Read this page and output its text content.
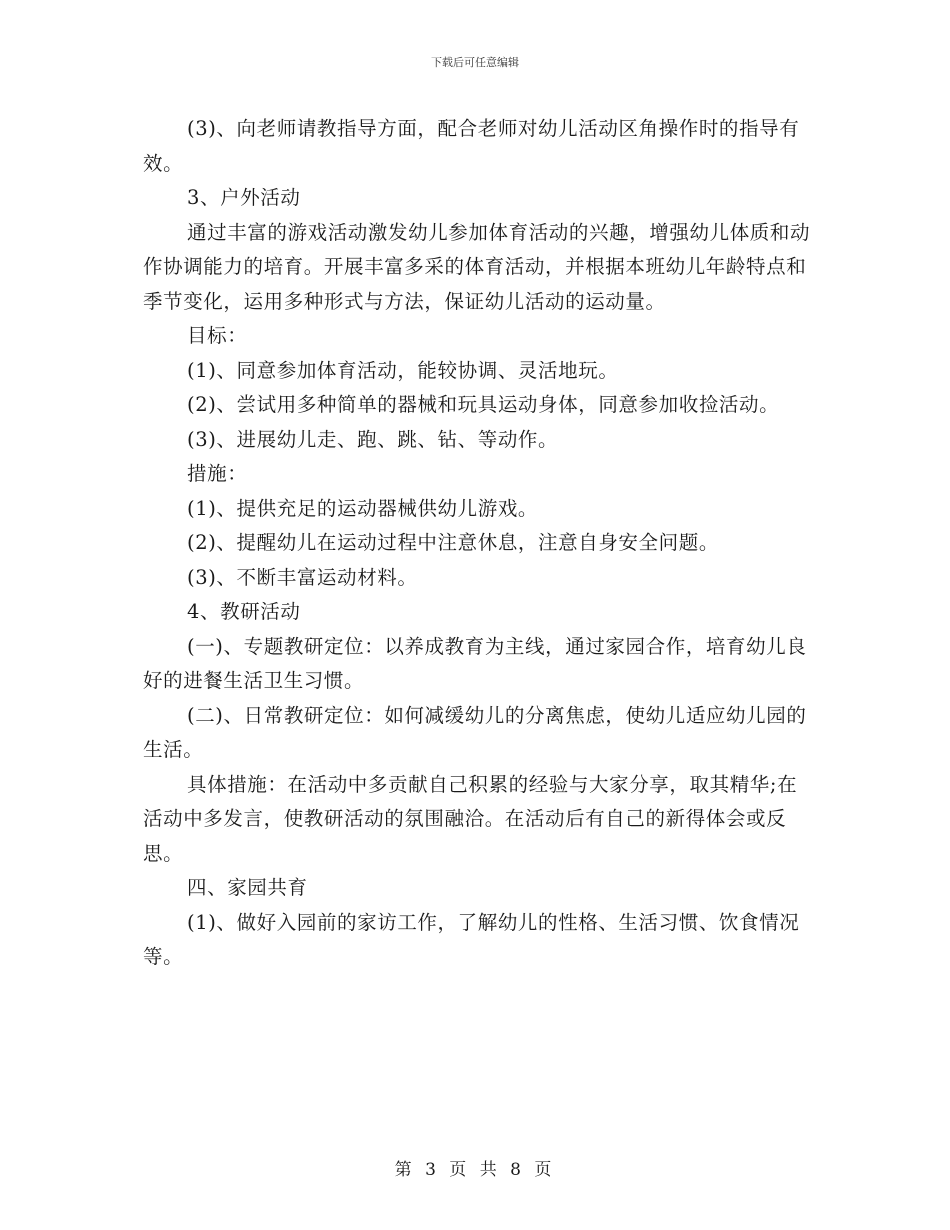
下载后可任意编辑

(3)、向老师请教指导方面，配合老师对幼儿活动区角操作时的指导有效。

3、户外活动

通过丰富的游戏活动激发幼儿参加体育活动的兴趣，增强幼儿体质和动作协调能力的培育。开展丰富多采的体育活动，并根据本班幼儿年龄特点和季节变化，运用多种形式与方法，保证幼儿活动的运动量。

目标：

(1)、同意参加体育活动，能较协调、灵活地玩。

(2)、尝试用多种简单的器械和玩具运动身体，同意参加收捡活动。

(3)、进展幼儿走、跑、跳、钻、等动作。

措施：

(1)、提供充足的运动器械供幼儿游戏。

(2)、提醒幼儿在运动过程中注意休息，注意自身安全问题。

(3)、不断丰富运动材料。

4、教研活动

(一)、专题教研定位：以养成教育为主线，通过家园合作，培育幼儿良好的进餐生活卫生习惯。

(二)、日常教研定位：如何减缓幼儿的分离焦虑，使幼儿适应幼儿园的生活。

具体措施：在活动中多贡献自己积累的经验与大家分享，取其精华;在活动中多发言，使教研活动的氛围融洽。在活动后有自己的新得体会或反思。

四、家园共育

(1)、做好入园前的家访工作，了解幼儿的性格、生活习惯、饮食情况等。

第 3 页 共 8 页
